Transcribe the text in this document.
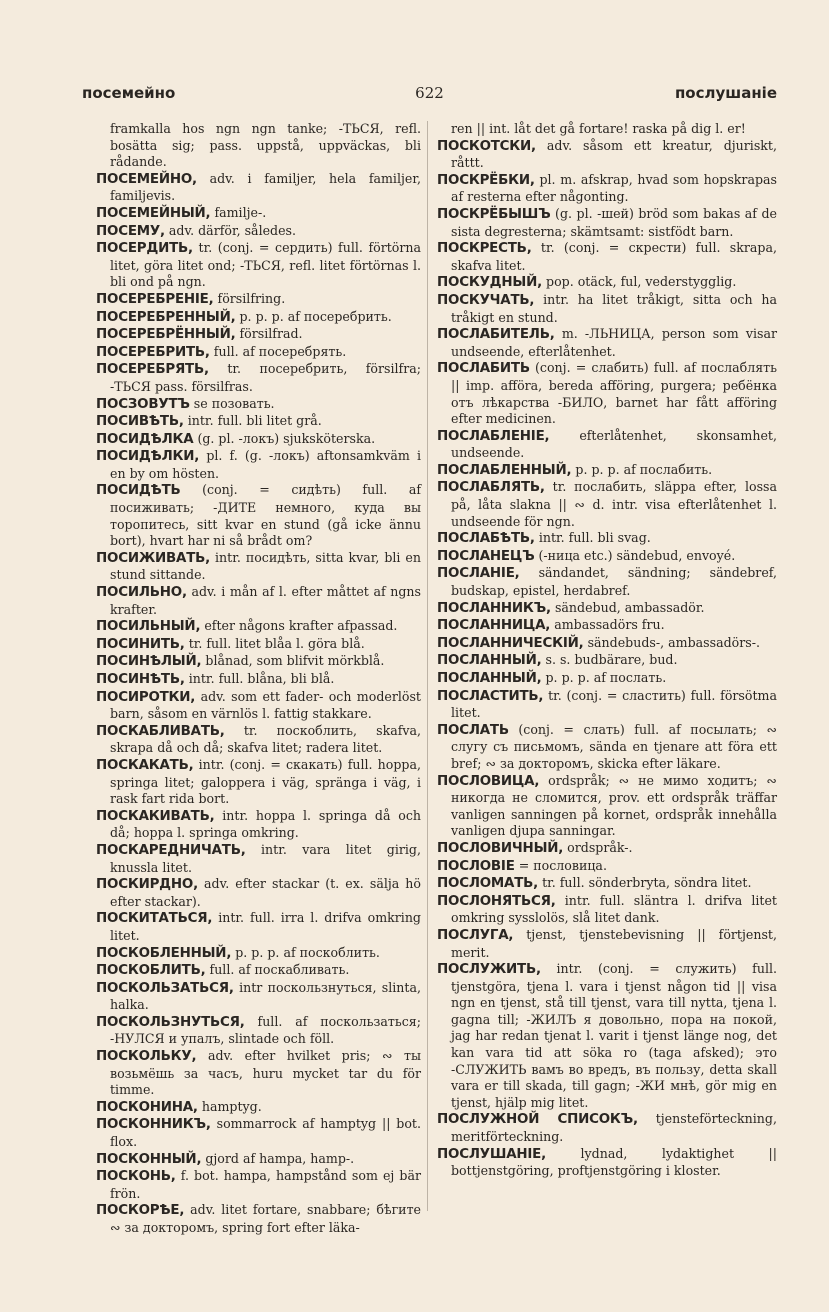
622
посемейно	послушаніе

framkalla hos ngn ngn tanke; -ТЬСЯ, refl. bosätta sig; pass. uppstå, uppväckas, bli rådande.

ПОСЕМЕЙНО, adv. i familjer, hela familjer, familjevis.

ПОСЕМЕЙНЫЙ, familje-.

ПОСЕМУ, adv. därför, således.

ПОСЕРДИТЬ, tr. (conj. = сердить) full. förtörna litet, göra litet ond; -ТЬСЯ, refl. litet förtörnas l. bli ond på ngn.

ПОСЕРЕБРЕНІЕ, försilfring.

ПОСЕРЕБРЕННЫЙ, p. p. p. af посеребрить.

ПОСЕРЕБРЁННЫЙ, försilfrad.

ПОСЕРЕБРИТЬ, full. af посеребрять.

ПОСЕРЕБРЯТЬ, tr. посеребрить, försilfra; -ТЬСЯ pass. försilfras.

ПОСЗОВУТЪ se позовать.

ПОСИВѢТЬ, intr. full. bli litet grå.

ПОСИДѢЛКА (g. pl. -локъ) sjuksköterska.

ПОСИДѢЛКИ, pl. f. (g. -локъ) aftonsamkväm i en by om hösten.

ПОСИДѢТЬ (conj. = сидѣть) full. af посиживать; -ДИТЕ немного, куда вы торопитесь, sitt kvar en stund (gå icke ännu bort), hvart har ni så brådt om?

ПОСИЖИВАТЬ, intr. посидѣть, sitta kvar, bli en stund sittande.

ПОСИЛЬНО, adv. i mån af l. efter måttet af ngns krafter.

ПОСИЛЬНЫЙ, efter någons krafter afpassad.

ПОСИНИТЬ, tr. full. litet blåa l. göra blå.

ПОСИНѢЛЫЙ, blånad, som blifvit mörkblå.

ПОСИНѢТЬ, intr. full. blåna, bli blå.

ПОСИРОТКИ, adv. som ett fader- och moderlöst barn, såsom en värnlös l. fattig stakkare.

ПОСКАБЛИВАТЬ, tr. поскоблить, skafva, skrapa då och då; skafva litet; radera litet.

ПОСКАКАТЬ, intr. (conj. = скакать) full. hoppa, springa litet; galoppera i väg, spränga i väg, i rask fart rida bort.

ПОСКАКИВАТЬ, intr. hoppa l. springa då och då; hoppa l. springa omkring.

ПОСКАРЕДНИЧАТЬ, intr. vara litet girig, knussla litet.

ПОСКИРДНО, adv. efter stackar (t. ex. sälja hö efter stackar).

ПОСКИТАТЬСЯ, intr. full. irra l. drifva omkring litet.

ПОСКОБЛЕННЫЙ, p. p. p. af поскоблить.

ПОСКОБЛИТЬ, full. af поскабливать.

ПОСКОЛЬЗАТЬСЯ, intr поскользнуться, slinta, halka.

ПОСКОЛЬЗНУТЬСЯ, full. af поскользаться; -НУЛСЯ и упалъ, slintade och föll.

ПОСКОЛЬКУ, adv. efter hvilket pris; ∾ ты возьмёшь за часъ, huru mycket tar du för timme.

ПОСКОНИНА, hamptyg.

ПОСКОННИКЪ, sommarrock af hamptyg || bot. flox.

ПОСКОННЫЙ, gjord af hampa, hamp-.

ПОСКОНЬ, f. bot. hampa, hampstånd som ej bär frön.

ПОСКОРѢЕ, adv. litet fortare, snabbare; бѣгите ∾ за докторомъ, spring fort efter läka-

ren || int. låt det gå fortare! raska på dig l. er!

ПОСКОТСКИ, adv. såsom ett kreatur, djuriskt, råttt.

ПОСКРЁБКИ, pl. m. afskrap, hvad som hopskrapas af resterna efter någonting.

ПОСКРЁБЫШЪ (g. pl. -шей) bröd som bakas af de sista degresterna; skämtsamt: sistfödt barn.

ПОСКРЕСТЬ, tr. (conj. = скрести) full. skrapa, skafva litet.

ПОСКУДНЫЙ, pop. otäck, ful, vederstygglig.

ПОСКУЧАТЬ, intr. ha litet tråkigt, sitta och ha tråkigt en stund.

ПОСЛАБИТЕЛЬ, m. -ЛЬНИЦА, person som visar undseende, efterlåtenhet.

ПОСЛАБИТЬ (conj. = слабить) full. af послаблять || imp. afföra, bereda afföring, purgera; ребёнка отъ лѣкарства -БИЛО, barnet har fått afföring efter medicinen.

ПОСЛАБЛЕНІЕ, efterlåtenhet, skonsamhet, undseende.

ПОСЛАБЛЕННЫЙ, p. p. p. af послабить.

ПОСЛАБЛЯТЬ, tr. послабить, släppa efter, lossa på, låta slakna || ∾ d. intr. visa efterlåtenhet l. undseende för ngn.

ПОСЛАБѢТЬ, intr. full. bli svag.

ПОСЛАНЕЦЪ (-ница etc.) sändebud, envoyé.

ПОСЛАНІЕ, sändandet, sändning; sändebref, budskap, epistel, herdabref.

ПОСЛАННИКЪ, sändebud, ambassadör.

ПОСЛАННИЦА, ambassadörs fru.

ПОСЛАННИЧЕСКІЙ, sändebuds-, ambassadörs-.

ПОСЛАННЫЙ, s. s. budbärare, bud.

ПОСЛАННЫЙ, p. p. p. af послать.

ПОСЛАСТИТЬ, tr. (conj. = сластить) full. försötma litet.

ПОСЛАТЬ (conj. = слать) full. af посылать; ∾ слугу съ письмомъ, sända en tjenare att föra ett bref; ∾ за докторомъ, skicka efter läkare.

ПОСЛОВИЦА, ordspråk; ∾ не мимо ходитъ; ∾ никогда не сломится, prov. ett ordspråk träffar vanligen sanningen på kornet, ordspråk innehålla vanligen djupa sanningar.

ПОСЛОВИЧНЫЙ, ordspråk-.

ПОСЛОВІЕ = пословица.

ПОСЛОМАТЬ, tr. full. sönderbryta, söndra litet.

ПОСЛОНЯТЬСЯ, intr. full. släntra l. drifva litet omkring sysslolös, slå litet dank.

ПОСЛУГА, tjenst, tjenstebevisning || förtjenst, merit.

ПОСЛУЖИТЬ, intr. (conj. = служить) full. tjenstgöra, tjena l. vara i tjenst någon tid || visa ngn en tjenst, stå till tjenst, vara till nytta, tjena l. gagna till; -ЖИЛЪ я довольно, пора на покой, jag har redan tjenat l. varit i tjenst länge nog, det kan vara tid att söka ro (taga afsked); это -СЛУЖИТЬ вамъ во вредъ, въ пользу, detta skall vara er till skada, till gagn; -ЖИ мнѣ, gör mig en tjenst, hjälp mig litet.

ПОСЛУЖНОЙ СПИСОКЪ, tjensteförteckning, meritförteckning.

ПОСЛУШАНІЕ,	lydnad, lydaktighet || bottjenstgöring, proftjenstgöring i kloster.
